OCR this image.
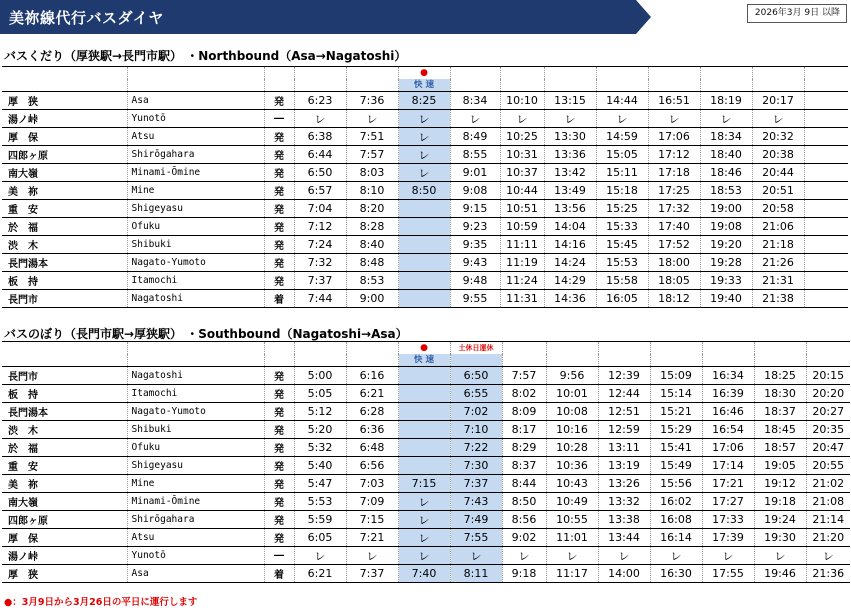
美祢線代行バスダイヤ	2026年3月 9日 以降
バスくだり（厚狭駅→長門市駅） ・Northbound（Asa→Nagatoshi）
					●								
					快 速								
厚　狭	Asa	発	6:23	7:36	8:25	8:34	10:10	13:15	14:44	16:51	18:19	20:17	
湯ノ峠	Yunotō	―	レ	レ	レ	レ	レ	レ	レ	レ	レ	レ	
厚　保	Atsu	発	6:38	7:51	レ	8:49	10:25	13:30	14:59	17:06	18:34	20:32	
四郎ヶ原	Shirōgahara	発	6:44	7:57	レ	8:55	10:31	13:36	15:05	17:12	18:40	20:38	
南大嶺	Minami-Ōmine	発	6:50	8:03	レ	9:01	10:37	13:42	15:11	17:18	18:46	20:44	
美　祢	Mine	発	6:57	8:10	8:50	9:08	10:44	13:49	15:18	17:25	18:53	20:51	
重　安	Shigeyasu	発	7:04	8:20		9:15	10:51	13:56	15:25	17:32	19:00	20:58	
於　福	Ofuku	発	7:12	8:28		9:23	10:59	14:04	15:33	17:40	19:08	21:06	
渋　木	Shibuki	発	7:24	8:40		9:35	11:11	14:16	15:45	17:52	19:20	21:18	
長門湯本	Nagato-Yumoto	発	7:32	8:48		9:43	11:19	14:24	15:53	18:00	19:28	21:26	
板　持	Itamochi	発	7:37	8:53		9:48	11:24	14:29	15:58	18:05	19:33	21:31	
長門市	Nagatoshi	着	7:44	9:00		9:55	11:31	14:36	16:05	18:12	19:40	21:38	
バスのぼり（長門市駅→厚狭駅） ・Southbound（Nagatoshi→Asa）
					●	土休日運休							
					快 速								
長門市	Nagatoshi	発	5:00	6:16		6:50	7:57	9:56	12:39	15:09	16:34	18:25	20:15
板　持	Itamochi	発	5:05	6:21		6:55	8:02	10:01	12:44	15:14	16:39	18:30	20:20
長門湯本	Nagato-Yumoto	発	5:12	6:28		7:02	8:09	10:08	12:51	15:21	16:46	18:37	20:27
渋　木	Shibuki	発	5:20	6:36		7:10	8:17	10:16	12:59	15:29	16:54	18:45	20:35
於　福	Ofuku	発	5:32	6:48		7:22	8:29	10:28	13:11	15:41	17:06	18:57	20:47
重　安	Shigeyasu	発	5:40	6:56		7:30	8:37	10:36	13:19	15:49	17:14	19:05	20:55
美　祢	Mine	発	5:47	7:03	7:15	7:37	8:44	10:43	13:26	15:56	17:21	19:12	21:02
南大嶺	Minami-Ōmine	発	5:53	7:09	レ	7:43	8:50	10:49	13:32	16:02	17:27	19:18	21:08
四郎ヶ原	Shirōgahara	発	5:59	7:15	レ	7:49	8:56	10:55	13:38	16:08	17:33	19:24	21:14
厚　保	Atsu	発	6:05	7:21	レ	7:55	9:02	11:01	13:44	16:14	17:39	19:30	21:20
湯ノ峠	Yunotō	―	レ	レ	レ	レ	レ	レ	レ	レ	レ	レ	レ
厚　狭	Asa	着	6:21	7:37	7:40	8:11	9:18	11:17	14:00	16:30	17:55	19:46	21:36
●：3月9日から3月26日の平日に運行します
